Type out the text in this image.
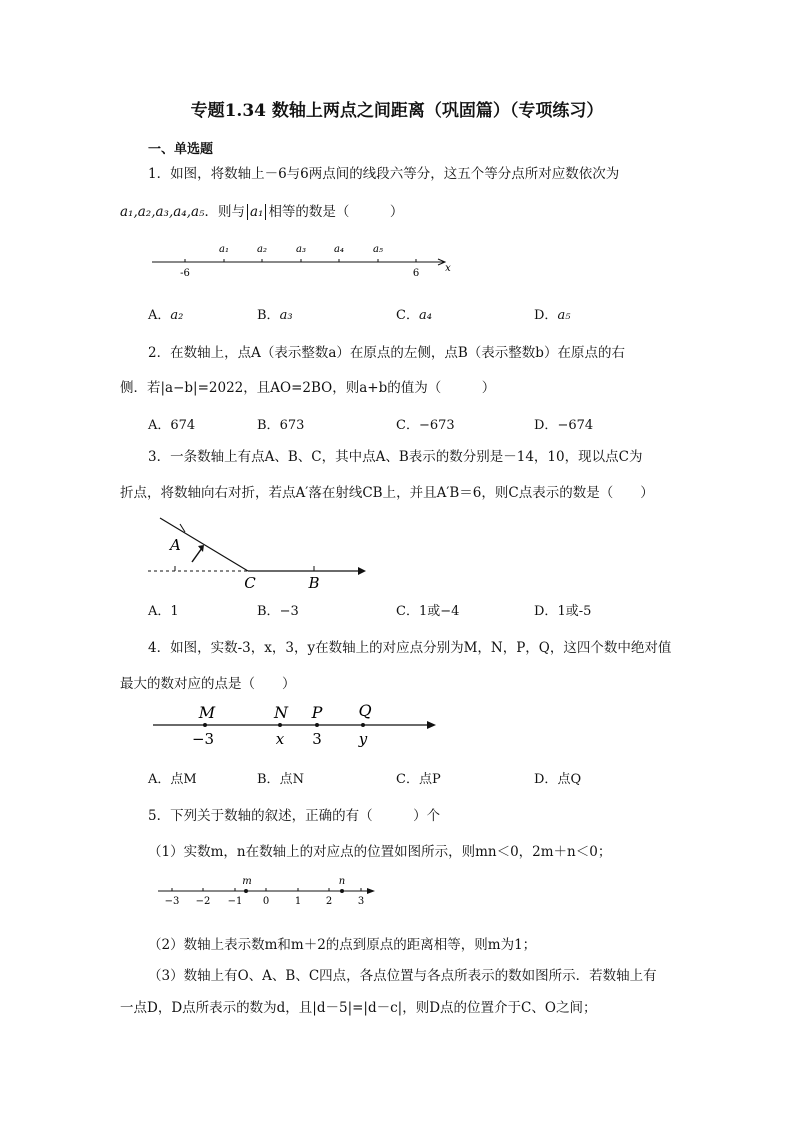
专题1.34 数轴上两点之间距离（巩固篇）（专项练习）
一、单选题
1．如图，将数轴上－6与6两点间的线段六等分，这五个等分点所对应数依次为
a₁,a₂,a₃,a₄,a₅．则与 a₁ 相等的数是（　　　）
a₁	a₂	a₃	a₄	a₅
-6	6	x
A．a₂	B．a₃	C．a₄	D．a₅
2．在数轴上，点A（表示整数a）在原点的左侧，点B（表示整数b）在原点的右
侧．若|a−b|=2022，且AO=2BO，则a+b的值为（　　　）
A．674	B．673	C．−673	D．−674
3．一条数轴上有点A、B、C，其中点A、B表示的数分别是－14，10，现以点C为
折点，将数轴向右对折，若点A′落在射线CB上，并且A′B＝6，则C点表示的数是（　　）
A
C	B
A．1	B．−3	C．1或−4	D．1或-5
4．如图，实数-3，x，3，y在数轴上的对应点分别为M，N，P，Q，这四个数中绝对值
最大的数对应的点是（　　）
M	N P Q
−3	x 3 y
A．点M	B．点N	C．点P	D．点Q
5．下列关于数轴的叙述，正确的有（　　　）个
（1）实数m，n在数轴上的对应点的位置如图所示，则mn＜0，2m＋n＜0；
m	n
−3 −2 −1 0	1 2	3
（2）数轴上表示数m和m＋2的点到原点的距离相等，则m为1；
（3）数轴上有O、A、B、C四点，各点位置与各点所表示的数如图所示．若数轴上有
一点D，D点所表示的数为d，且|d－5|=|d－c|，则D点的位置介于C、O之间；
